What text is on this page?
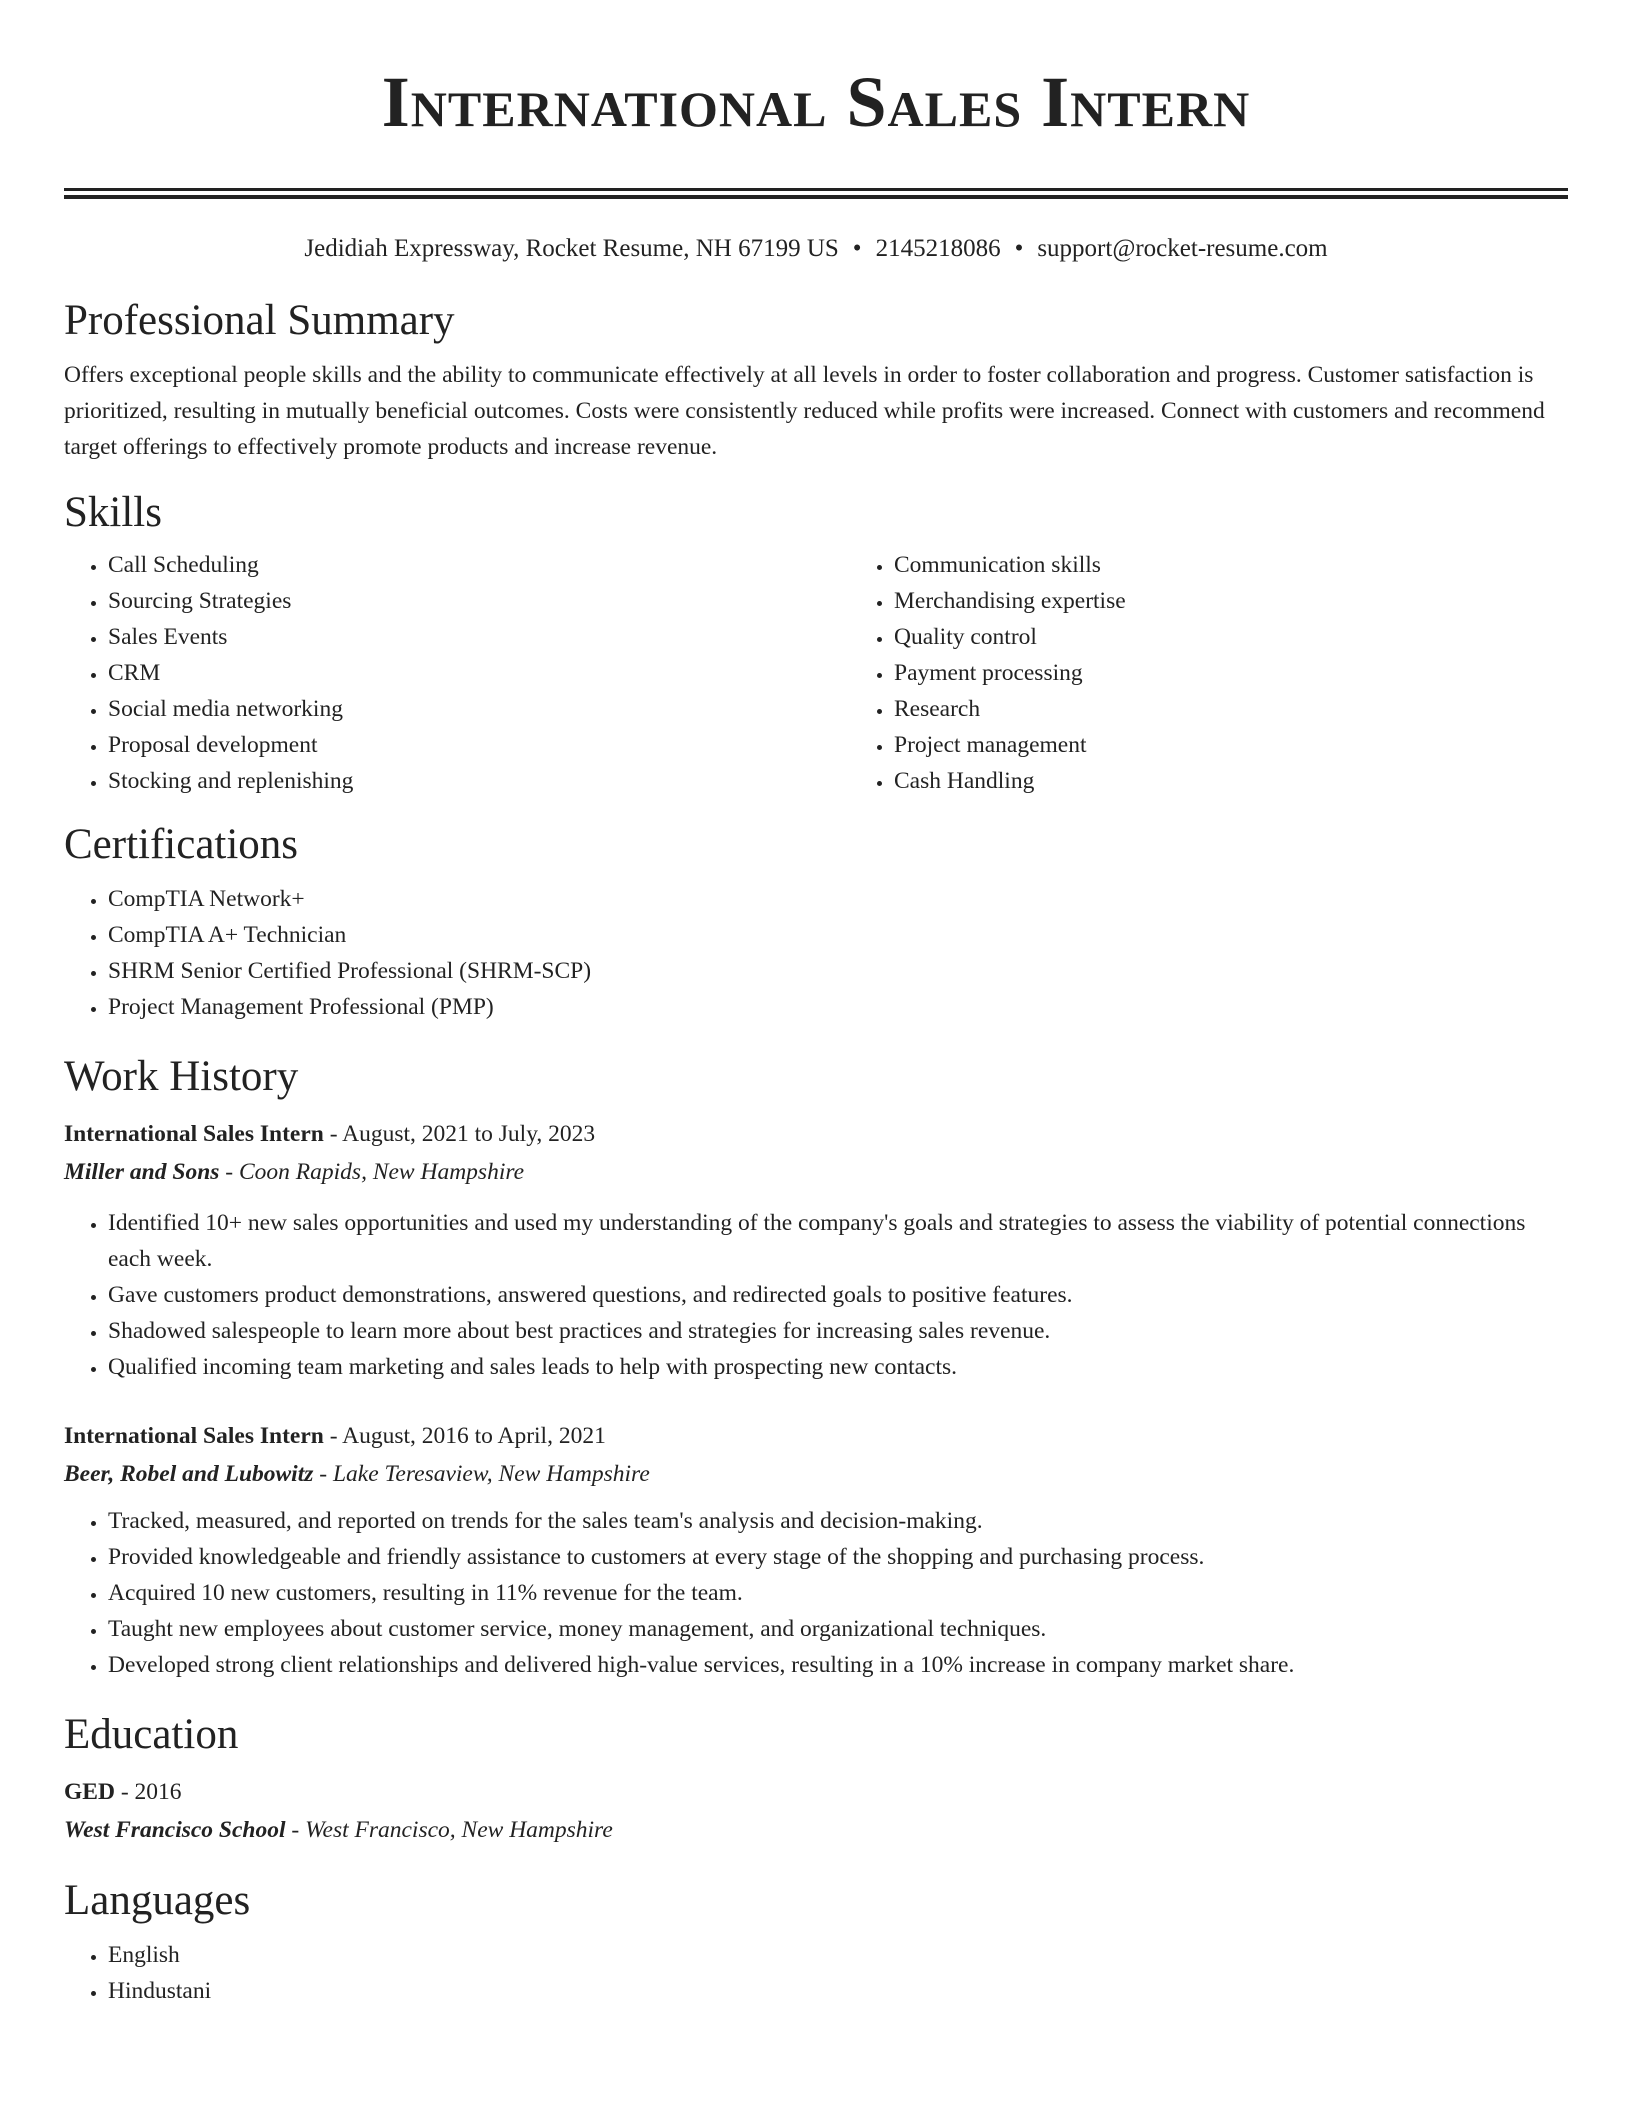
International Sales Intern
Jedidiah Expressway, Rocket Resume, NH 67199 US • 2145218086 • support@rocket-resume.com
Professional Summary

Offers exceptional people skills and the ability to communicate effectively at all levels in order to foster collaboration and progress. Customer satisfaction is prioritized, resulting in mutually beneficial outcomes. Costs were consistently reduced while profits were increased. Connect with customers and recommend target offerings to effectively promote products and increase revenue.

Skills
• Call Scheduling
• Sourcing Strategies
• Sales Events
• CRM
• Social media networking
• Proposal development
• Stocking and replenishing
• Communication skills
• Merchandising expertise
• Quality control
• Payment processing
• Research
• Project management
• Cash Handling
Certifications
• CompTIA Network+
• CompTIA A+ Technician
• SHRM Senior Certified Professional (SHRM-SCP)
• Project Management Professional (PMP)
Work History

International Sales Intern - August, 2021 to July, 2023

Miller and Sons - Coon Rapids, New Hampshire

• Identified 10+ new sales opportunities and used my understanding of the company's goals and strategies to assess the viability of potential connections each week.
• Gave customers product demonstrations, answered questions, and redirected goals to positive features.
• Shadowed salespeople to learn more about best practices and strategies for increasing sales revenue.
• Qualified incoming team marketing and sales leads to help with prospecting new contacts.

International Sales Intern - August, 2016 to April, 2021

Beer, Robel and Lubowitz - Lake Teresaview, New Hampshire

• Tracked, measured, and reported on trends for the sales team's analysis and decision-making.
• Provided knowledgeable and friendly assistance to customers at every stage of the shopping and purchasing process.
• Acquired 10 new customers, resulting in 11% revenue for the team.
• Taught new employees about customer service, money management, and organizational techniques.
• Developed strong client relationships and delivered high-value services, resulting in a 10% increase in company market share.
Education

GED - 2016

West Francisco School - West Francisco, New Hampshire

Languages
• English
• Hindustani
